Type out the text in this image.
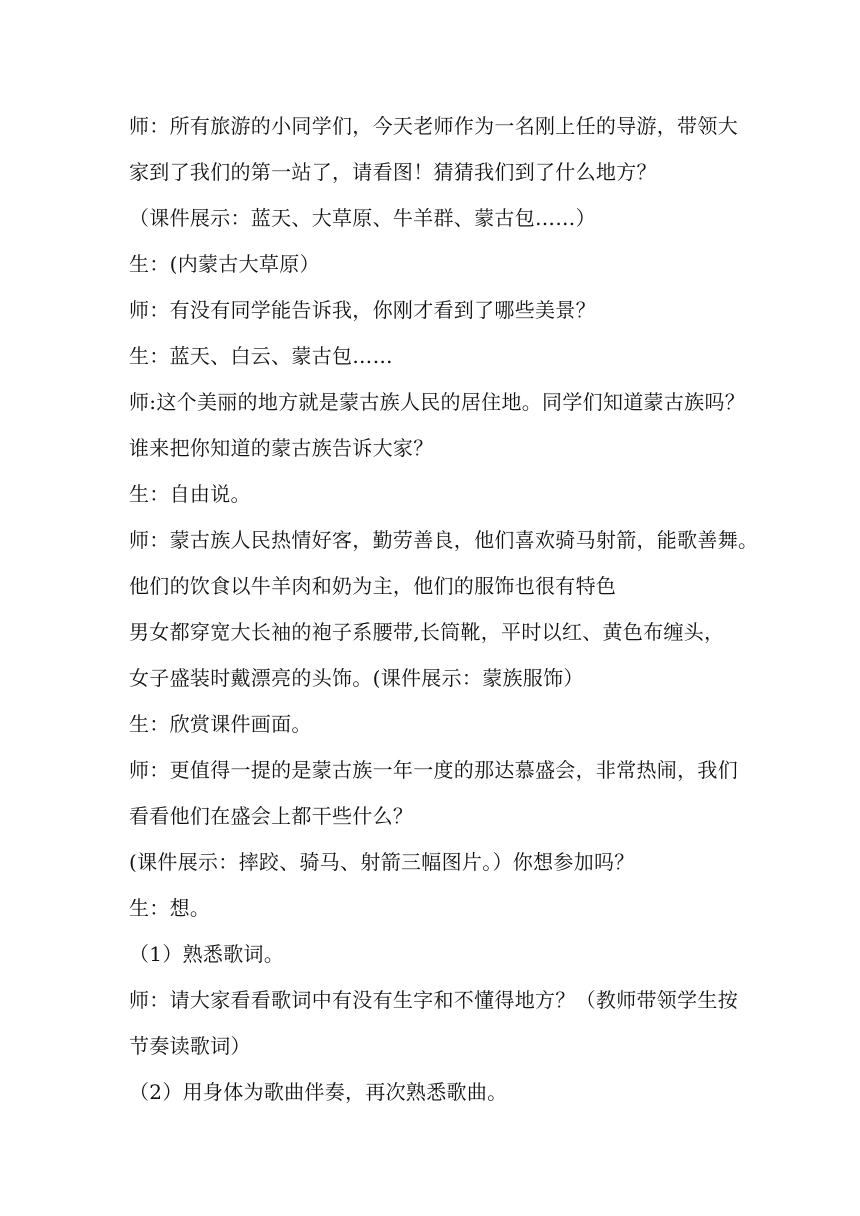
师：所有旅游的小同学们，今天老师作为一名刚上任的导游，带领大
家到了我们的第一站了，请看图！猜猜我们到了什么地方？
（课件展示：蓝天、大草原、牛羊群、蒙古包……）
生：(内蒙古大草原）
师：有没有同学能告诉我，你刚才看到了哪些美景？
生：蓝天、白云、蒙古包……
师:这个美丽的地方就是蒙古族人民的居住地。同学们知道蒙古族吗？
谁来把你知道的蒙古族告诉大家？
生：自由说。
师：蒙古族人民热情好客，勤劳善良，他们喜欢骑马射箭，能歌善舞。
他们的饮食以牛羊肉和奶为主，他们的服饰也很有特色
男女都穿宽大长袖的袍子系腰带,长筒靴，平时以红、黄色布缠头，
女子盛装时戴漂亮的头饰。(课件展示：蒙族服饰）
生：欣赏课件画面。
师：更值得一提的是蒙古族一年一度的那达慕盛会，非常热闹，我们
看看他们在盛会上都干些什么？
(课件展示：摔跤、骑马、射箭三幅图片。）你想参加吗？
生：想。
（1）熟悉歌词。
师：请大家看看歌词中有没有生字和不懂得地方？（教师带领学生按
节奏读歌词）
（2）用身体为歌曲伴奏，再次熟悉歌曲。
